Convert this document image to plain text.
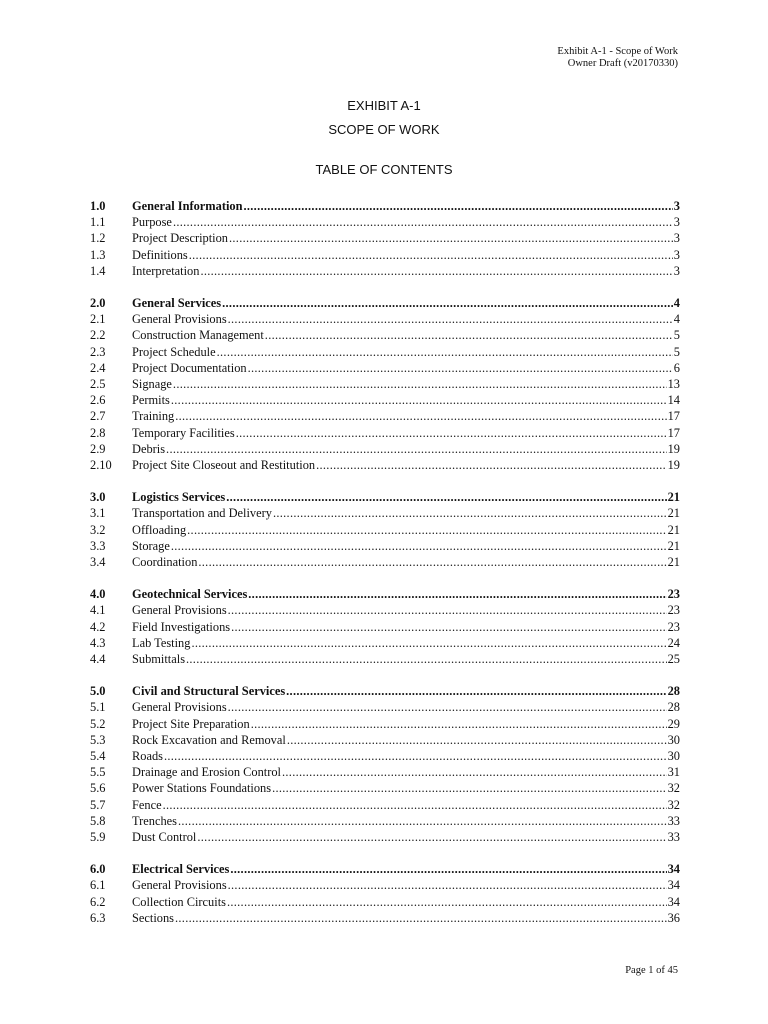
Exhibit A-1 - Scope of Work
Owner Draft (v20170330)
EXHIBIT A-1
SCOPE OF WORK
TABLE OF CONTENTS
1.0	General Information .....	3
1.1	Purpose .....	3
1.2	Project Description .....	3
1.3	Definitions .....	3
1.4	Interpretation .....	3
2.0	General Services .....	4
2.1	General Provisions .....	4
2.2	Construction Management .....	5
2.3	Project Schedule .....	5
2.4	Project Documentation .....	6
2.5	Signage .....	13
2.6	Permits .....	14
2.7	Training .....	17
2.8	Temporary Facilities .....	17
2.9	Debris .....	19
2.10	Project Site Closeout and Restitution .....	19
3.0	Logistics Services .....	21
3.1	Transportation and Delivery .....	21
3.2	Offloading .....	21
3.3	Storage .....	21
3.4	Coordination .....	21
4.0	Geotechnical Services .....	23
4.1	General Provisions .....	23
4.2	Field Investigations .....	23
4.3	Lab Testing .....	24
4.4	Submittals .....	25
5.0	Civil and Structural Services .....	28
5.1	General Provisions .....	28
5.2	Project Site Preparation .....	29
5.3	Rock Excavation and Removal .....	30
5.4	Roads .....	30
5.5	Drainage and Erosion Control .....	31
5.6	Power Stations Foundations .....	32
5.7	Fence .....	32
5.8	Trenches .....	33
5.9	Dust Control .....	33
6.0	Electrical Services .....	34
6.1	General Provisions .....	34
6.2	Collection Circuits .....	34
6.3	Sections .....	36
Page 1 of 45
